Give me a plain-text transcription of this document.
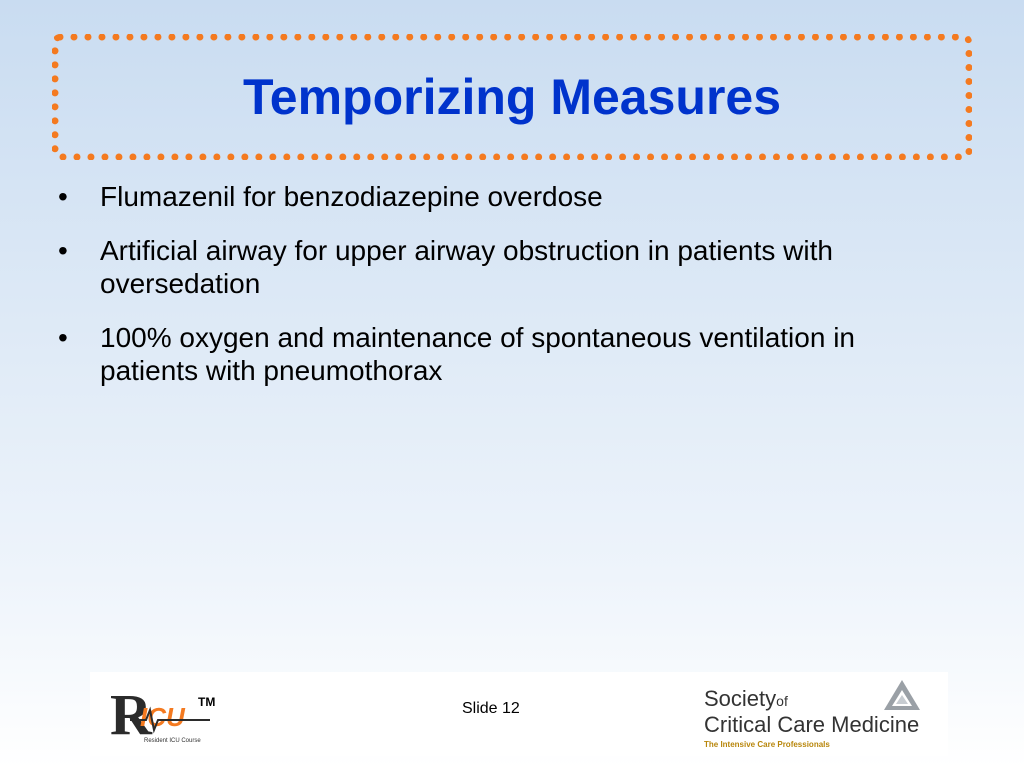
Temporizing Measures
•	Flumazenil for benzodiazepine overdose
•	Artificial airway for upper airway obstruction in patients with oversedation
•	100% oxygen and maintenance of spontaneous ventilation in patients with pneumothorax
R
ICU TM
Resident ICU Course
Slide 12	Societyof
Critical Care Medicine
The Intensive Care Professionals
